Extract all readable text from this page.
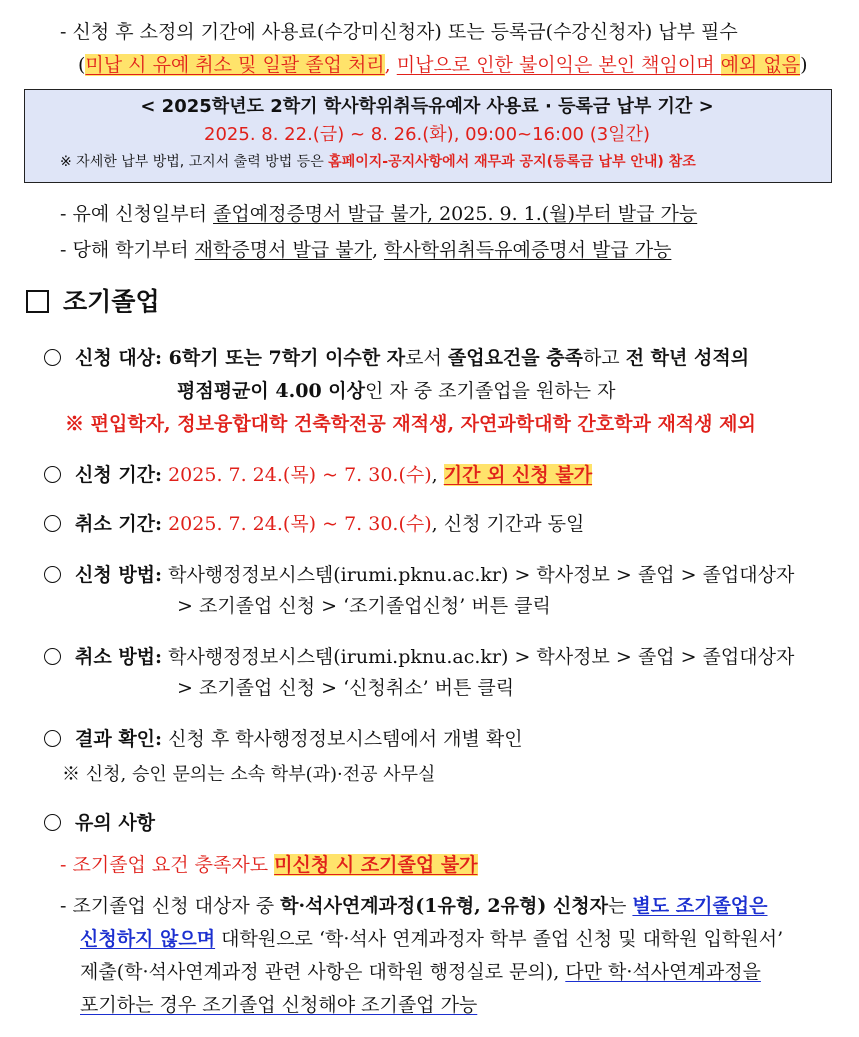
- 신청 후 소정의 기간에 사용료(수강미신청자) 또는 등록금(수강신청자) 납부 필수
(미납 시 유예 취소 및 일괄 졸업 처리, 미납으로 인한 불이익은 본인 책임이며 예외 없음)
< 2025학년도 2학기 학사학위취득유예자 사용료 · 등록금 납부 기간 >
2025. 8. 22.(금) ~ 8. 26.(화), 09:00~16:00 (3일간)
※ 자세한 납부 방법, 고지서 출력 방법 등은 홈페이지-공지사항에서 재무과 공지(등록금 납부 안내) 참조
- 유예 신청일부터 졸업예정증명서 발급 불가, 2025. 9. 1.(월)부터 발급 가능
- 당해 학기부터 재학증명서 발급 불가, 학사학위취득유예증명서 발급 가능
조기졸업
신청 대상: 6학기 또는 7학기 이수한 자로서 졸업요건을 충족하고 전 학년 성적의
평점평균이 4.00 이상인 자 중 조기졸업을 원하는 자
※ 편입학자, 정보융합대학 건축학전공 재적생, 자연과학대학 간호학과 재적생 제외
신청 기간: 2025. 7. 24.(목) ~ 7. 30.(수), 기간 외 신청 불가
취소 기간: 2025. 7. 24.(목) ~ 7. 30.(수), 신청 기간과 동일
신청 방법: 학사행정정보시스템(irumi.pknu.ac.kr) > 학사정보 > 졸업 > 졸업대상자
> 조기졸업 신청 > ‘조기졸업신청’ 버튼 클릭
취소 방법: 학사행정정보시스템(irumi.pknu.ac.kr) > 학사정보 > 졸업 > 졸업대상자
> 조기졸업 신청 > ‘신청취소’ 버튼 클릭
결과 확인: 신청 후 학사행정정보시스템에서 개별 확인
※ 신청, 승인 문의는 소속 학부(과)·전공 사무실
유의 사항
- 조기졸업 요건 충족자도 미신청 시 조기졸업 불가
- 조기졸업 신청 대상자 중 학·석사연계과정(1유형, 2유형) 신청자는 별도 조기졸업은
신청하지 않으며 대학원으로 ‘학·석사 연계과정자 학부 졸업 신청 및 대학원 입학원서’
제출(학·석사연계과정 관련 사항은 대학원 행정실로 문의), 다만 학·석사연계과정을
포기하는 경우 조기졸업 신청해야 조기졸업 가능
